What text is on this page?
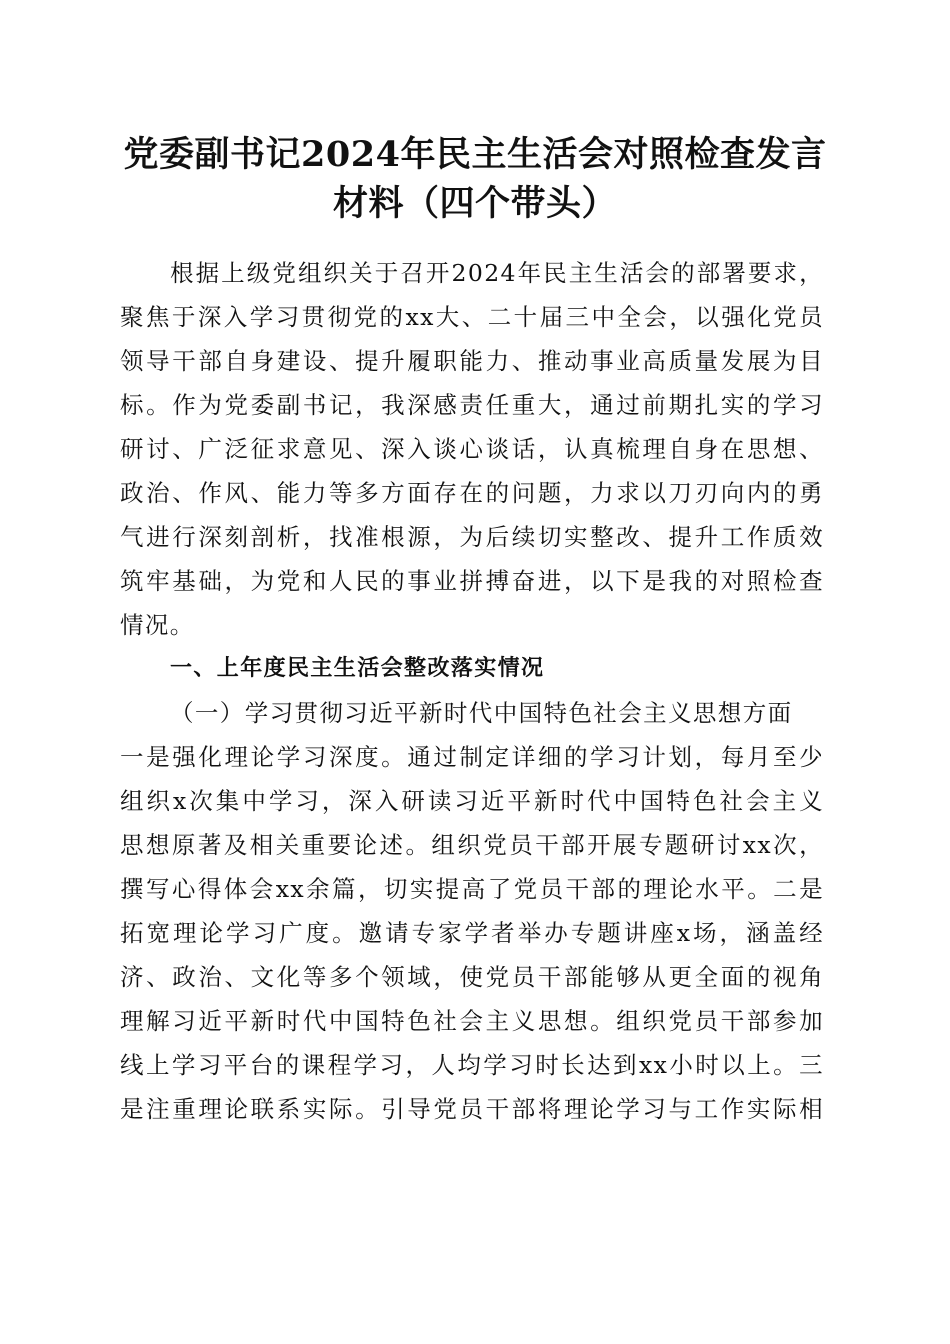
党委副书记2024年民主生活会对照检查发言
材料（四个带头）
根据上级党组织关于召开2024年民主生活会的部署要求，
聚焦于深入学习贯彻党的xx大、二十届三中全会，以强化党员
领导干部自身建设、提升履职能力、推动事业高质量发展为目
标。作为党委副书记，我深感责任重大，通过前期扎实的学习
研讨、广泛征求意见、深入谈心谈话，认真梳理自身在思想、
政治、作风、能力等多方面存在的问题，力求以刀刃向内的勇
气进行深刻剖析，找准根源，为后续切实整改、提升工作质效
筑牢基础，为党和人民的事业拼搏奋进，以下是我的对照检查
情况。
一、上年度民主生活会整改落实情况
（一）学习贯彻习近平新时代中国特色社会主义思想方面
一是强化理论学习深度。通过制定详细的学习计划，每月至少
组织x次集中学习，深入研读习近平新时代中国特色社会主义
思想原著及相关重要论述。组织党员干部开展专题研讨xx次，
撰写心得体会xx余篇，切实提高了党员干部的理论水平。二是
拓宽理论学习广度。邀请专家学者举办专题讲座x场，涵盖经
济、政治、文化等多个领域，使党员干部能够从更全面的视角
理解习近平新时代中国特色社会主义思想。组织党员干部参加
线上学习平台的课程学习，人均学习时长达到xx小时以上。三
是注重理论联系实际。引导党员干部将理论学习与工作实际相
